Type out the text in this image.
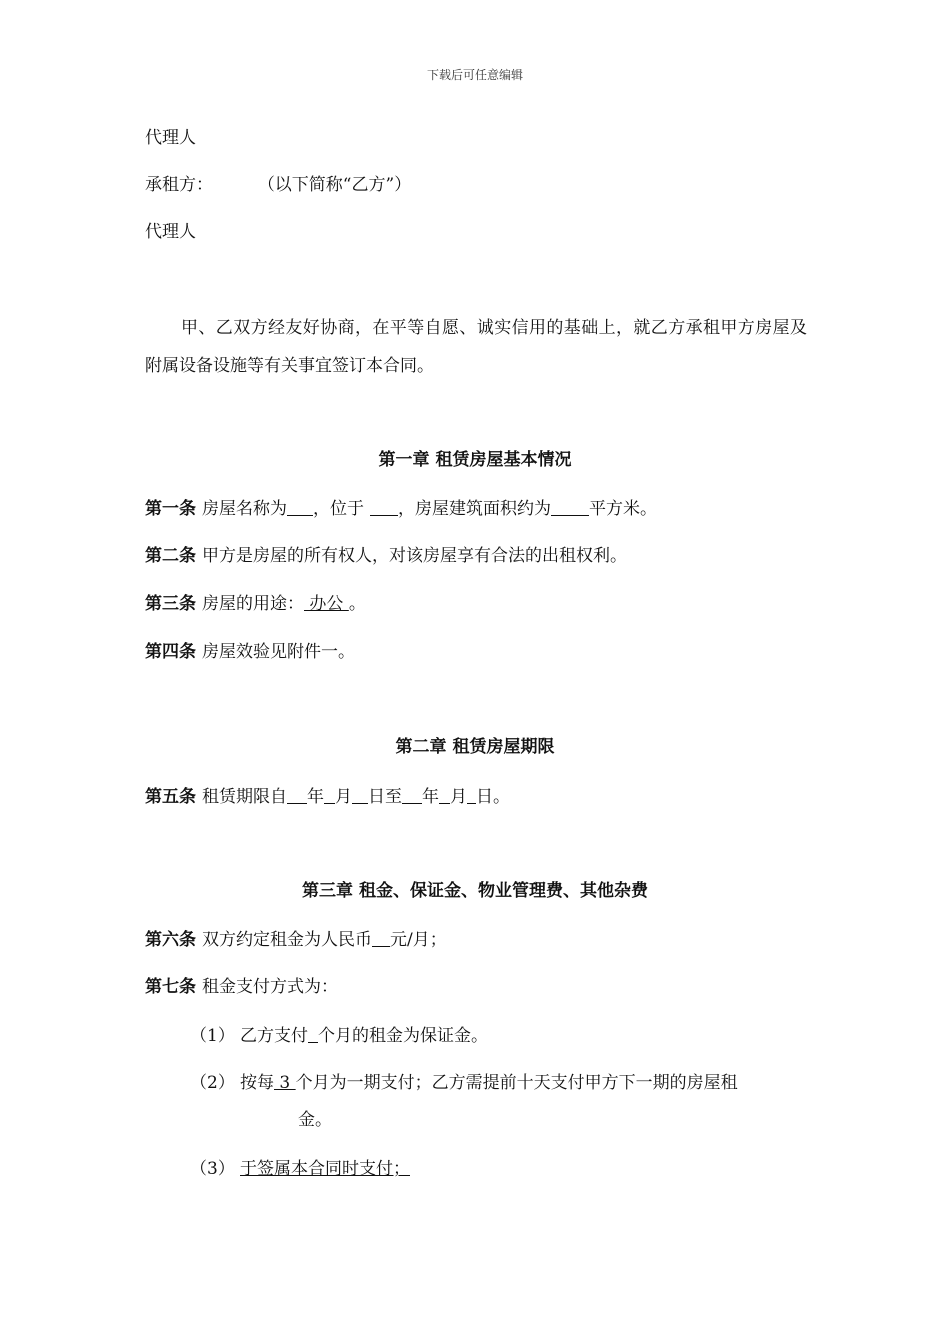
下载后可任意编辑
代理人
承租方：	（以下简称“乙方”）
代理人
甲、乙双方经友好协商，在平等自愿、诚实信用的基础上，就乙方承租甲方房屋及附属设备设施等有关事宜签订本合同。
第一章 租赁房屋基本情况
第一条 房屋名称为 ，位于 ，房屋建筑面积约为 平方米。
第二条 甲方是房屋的所有权人，对该房屋享有合法的出租权利。
第三条 房屋的用途： 办公 。
第四条 房屋效验见附件一。
第二章 租赁房屋期限
第五条 租赁期限自 年 月 日至 年 月 日。
第三章 租金、保证金、物业管理费、其他杂费
第六条 双方约定租金为人民币 元/月；
第七条 租金支付方式为：
（1） 乙方支付 个月的租金为保证金。
（2） 按每 3 个月为一期支付；乙方需提前十天支付甲方下一期的房屋租
金。
（3） 于签属本合同时支付；
